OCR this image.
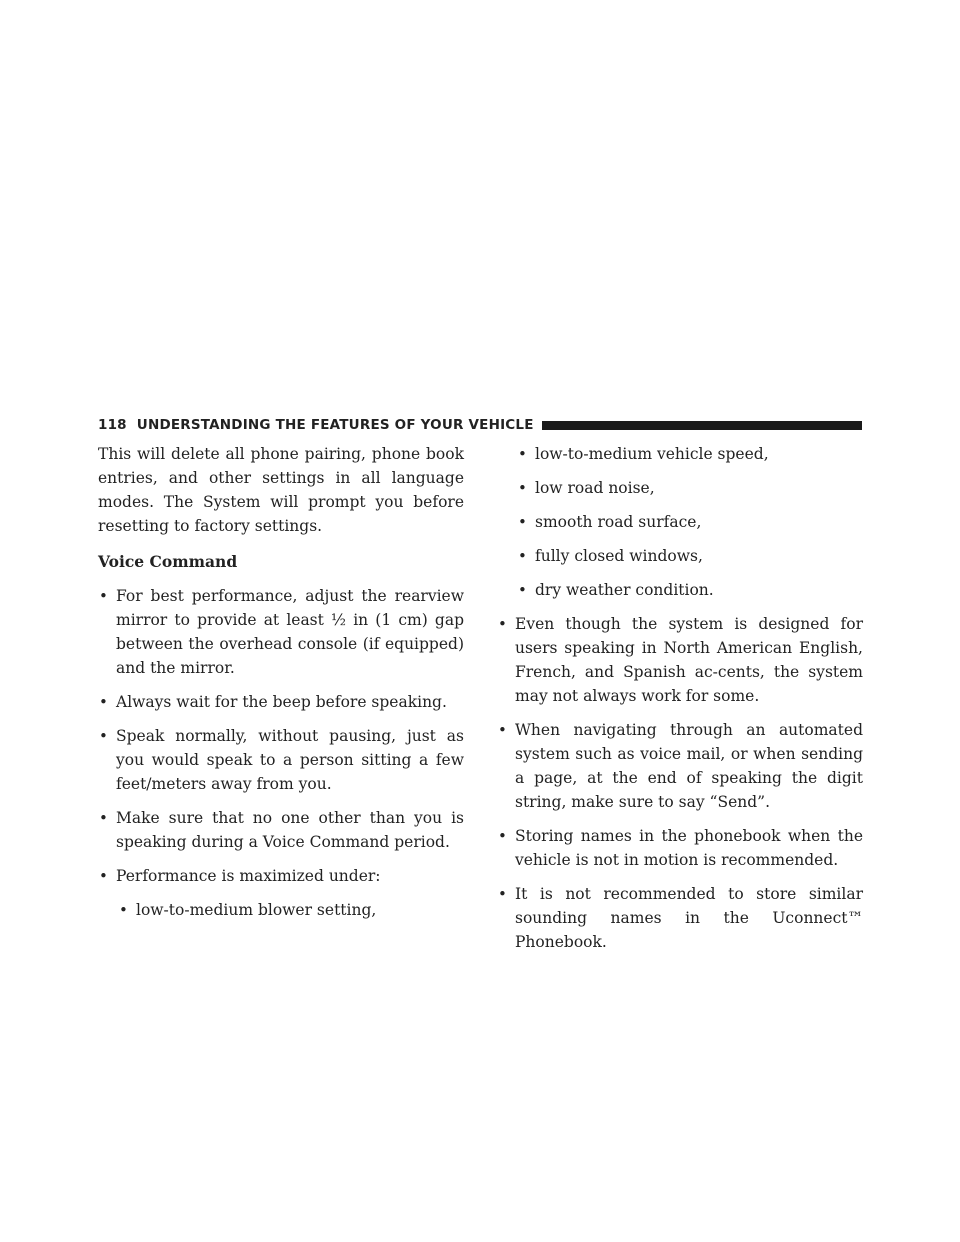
118 UNDERSTANDING THE FEATURES OF YOUR VEHICLE

This will delete all phone pairing, phone book entries, and other settings in all language modes. The System will prompt you before resetting to factory settings.

Voice Command

• For best performance, adjust the rearview mirror to provide at least ½ in (1 cm) gap between the overhead console (if equipped) and the mirror.
• Always wait for the beep before speaking.
• Speak normally, without pausing, just as you would speak to a person sitting a few feet/meters away from you.
• Make sure that no one other than you is speaking during a Voice Command period.
• Performance is maximized under:
• low-to-medium blower setting,
• low-to-medium vehicle speed,
• low road noise,
• smooth road surface,
• fully closed windows,
• dry weather condition.
• Even though the system is designed for users speaking in North American English, French, and Spanish ac-cents, the system may not always work for some.
• When navigating through an automated system such as voice mail, or when sending a page, at the end of speaking the digit string, make sure to say “Send”.
• Storing names in the phonebook when the vehicle is not in motion is recommended.
• It is not recommended to store similar sounding names in the Uconnect™ Phonebook.
